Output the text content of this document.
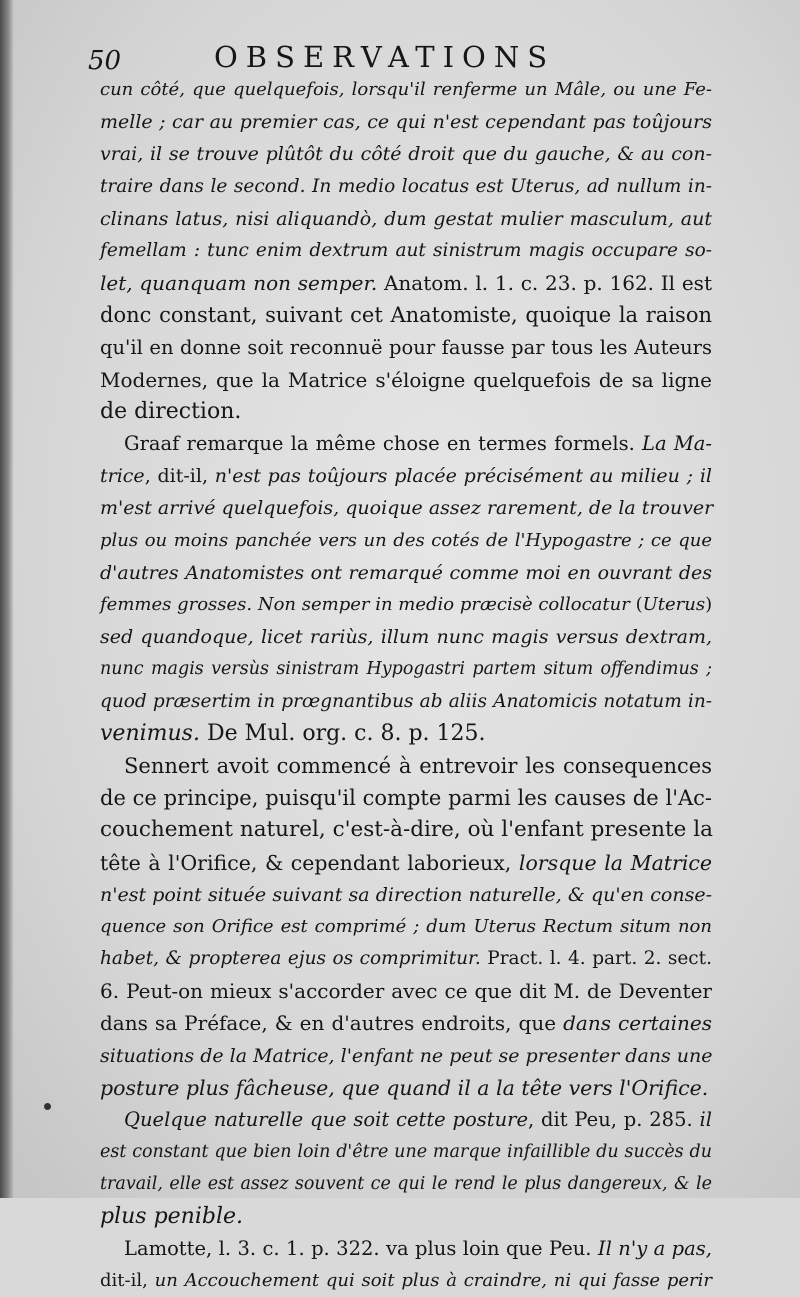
50	OBSERVATIONS
cun côté, que quelquefois, lorsqu'il renferme un Mâle, ou une Fe-
melle ; car au premier cas, ce qui n'est cependant pas toûjours
vrai, il se trouve plûtôt du côté droit que du gauche, & au con-
traire dans le second. In medio locatus est Uterus, ad nullum in-
clinans latus, nisi aliquandò, dum gestat mulier masculum, aut
femellam : tunc enim dextrum aut sinistrum magis occupare so-
let, quanquam non semper. Anatom. l. 1. c. 23. p. 162. Il est
donc constant, suivant cet Anatomiste, quoique la raison
qu'il en donne soit reconnuë pour fausse par tous les Auteurs
Modernes, que la Matrice s'éloigne quelquefois de sa ligne
de direction.
Graaf remarque la même chose en termes formels. La Ma-
trice, dit-il, n'est pas toûjours placée précisément au milieu ; il
m'est arrivé quelquefois, quoique assez rarement, de la trouver
plus ou moins panchée vers un des cotés de l'Hypogastre ; ce que
d'autres Anatomistes ont remarqué comme moi en ouvrant des
femmes grosses. Non semper in medio præcisè collocatur (Uterus)
sed quandoque, licet rariùs, illum nunc magis versus dextram,
nunc magis versùs sinistram Hypogastri partem situm offendimus ;
quod præsertim in prœgnantibus ab aliis Anatomicis notatum in-
venimus. De Mul. org. c. 8. p. 125.
Sennert avoit commencé à entrevoir les consequences
de ce principe, puisqu'il compte parmi les causes de l'Ac-
couchement naturel, c'est-à-dire, où l'enfant presente la
tête à l'Orifice, & cependant laborieux, lorsque la Matrice
n'est point située suivant sa direction naturelle, & qu'en conse-
quence son Orifice est comprimé ; dum Uterus Rectum situm non
habet, & propterea ejus os comprimitur. Pract. l. 4. part. 2. sect.
6. Peut-on mieux s'accorder avec ce que dit M. de Deventer
dans sa Préface, & en d'autres endroits, que dans certaines
situations de la Matrice, l'enfant ne peut se presenter dans une
posture plus fâcheuse, que quand il a la tête vers l'Orifice.
Quelque naturelle que soit cette posture, dit Peu, p. 285. il
est constant que bien loin d'être une marque infaillible du succès du
travail, elle est assez souvent ce qui le rend le plus dangereux, & le
plus penible.
Lamotte, l. 3. c. 1. p. 322. va plus loin que Peu. Il n'y a pas,
dit-il, un Accouchement qui soit plus à craindre, ni qui fasse perir
